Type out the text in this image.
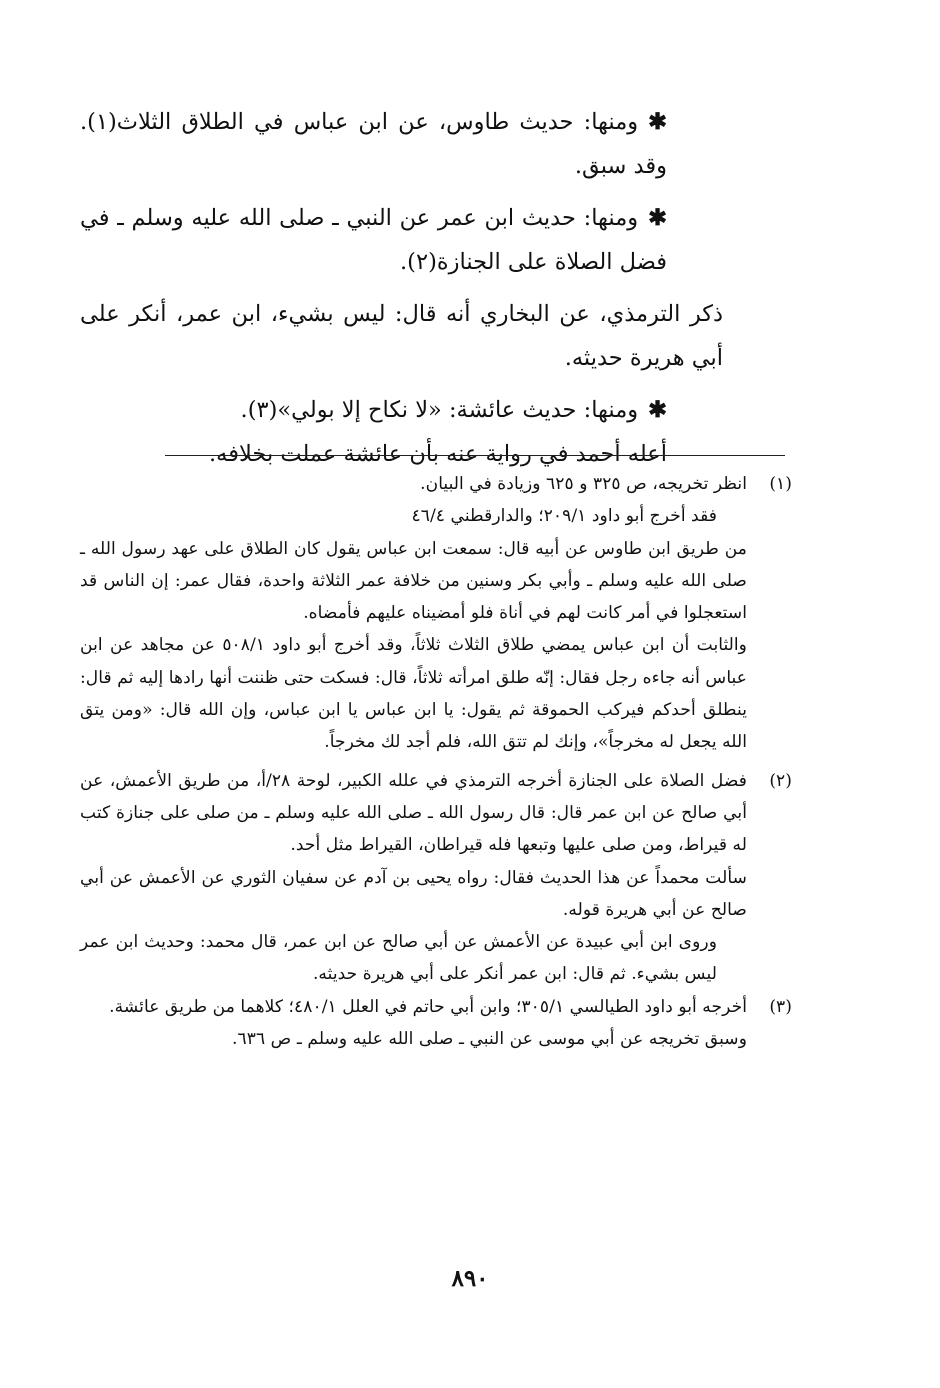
✱ومنها: حديث طاوس، عن ابن عباس في الطلاق الثلاث(١). وقد سبق.

✱ومنها: حديث ابن عمر عن النبي ـ صلى الله عليه وسلم ـ في فضل الصلاة على الجنازة(٢).

ذكر الترمذي، عن البخاري أنه قال: ليس بشيء، ابن عمر، أنكر على أبي هريرة حديثه.

✱ومنها: حديث عائشة: «لا نكاح إلا بولي»(٣).

أعله أحمد في رواية عنه بأن عائشة عملت بخلافه.

(١)

انظر تخريجه، ص ٣٢٥ و ٦٢٥ وزيادة في البيان.

فقد أخرج أبو داود ٢٠٩/١؛ والدارقطني ٤٦/٤

من طريق ابن طاوس عن أبيه قال: سمعت ابن عباس يقول كان الطلاق على عهد رسول الله ـ صلى الله عليه وسلم ـ وأبي بكر وسنين من خلافة عمر الثلاثة واحدة، فقال عمر: إن الناس قد استعجلوا في أمر كانت لهم في أناة فلو أمضيناه عليهم فأمضاه.

والثابت أن ابن عباس يمضي طلاق الثلاث ثلاثاً، وقد أخرج أبو داود ٥٠٨/١ عن مجاهد عن ابن عباس أنه جاءه رجل فقال: إنّه طلق امرأته ثلاثاً، قال: فسكت حتى ظننت أنها رادها إليه ثم قال: ينطلق أحدكم فيركب الحموقة ثم يقول: يا ابن عباس يا ابن عباس، وإن الله قال: «ومن يتق الله يجعل له مخرجاً»، وإنك لم تتق الله، فلم أجد لك مخرجاً.

(٢)

فضل الصلاة على الجنازة أخرجه الترمذي في علله الكبير، لوحة ٢٨/أ، من طريق الأعمش، عن أبي صالح عن ابن عمر قال: قال رسول الله ـ صلى الله عليه وسلم ـ من صلى على جنازة كتب له قيراط، ومن صلى عليها وتبعها فله قيراطان، القيراط مثل أحد.

سألت محمداً عن هذا الحديث فقال: رواه يحيى بن آدم عن سفيان الثوري عن الأعمش عن أبي صالح عن أبي هريرة قوله.

وروى ابن أبي عبيدة عن الأعمش عن أبي صالح عن ابن عمر، قال محمد: وحديث ابن عمر ليس بشيء. ثم قال: ابن عمر أنكر على أبي هريرة حديثه.

(٣)

أخرجه أبو داود الطيالسي ٣٠٥/١؛ وابن أبي حاتم في العلل ٤٨٠/١؛ كلاهما من طريق عائشة.

وسبق تخريجه عن أبي موسى عن النبي ـ صلى الله عليه وسلم ـ ص ٦٣٦.

٨٩٠
